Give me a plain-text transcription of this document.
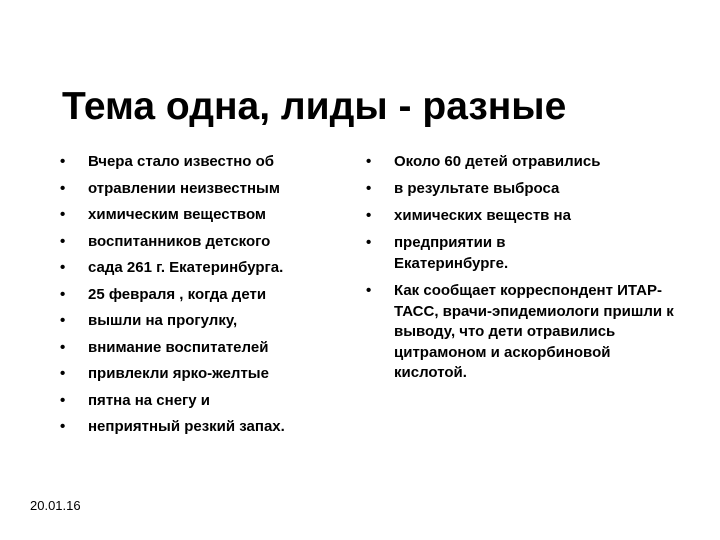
Тема одна, лиды - разные
• Вчера стало известно об
• отравлении неизвестным
• химическим веществом
• воспитанников детского
• сада 261 г. Екатеринбурга.
• 25 февраля , когда дети
• вышли на прогулку,
• внимание воспитателей
• привлекли ярко-желтые
• пятна на снегу и
• неприятный резкий запах.
• Около 60 детей отравились
• в результате выброса
• химических веществ на
• предприятии в Екатеринбурге.
• Как сообщает корреспондент ИТАР-ТАСС, врачи-эпидемиологи пришли к выводу, что дети отравились цитрамоном и аскорбиновой кислотой.
20.01.16
